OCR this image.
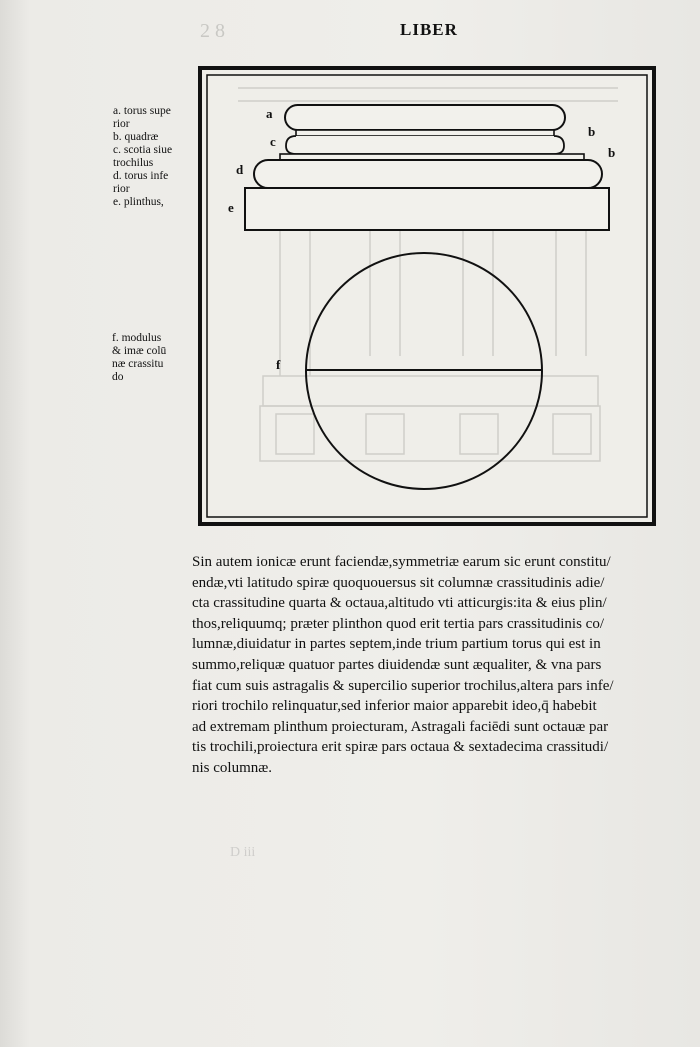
2 8	LIBER
a. torus supe
rior
b. quadræ
c. scotia siue
trochilus
d. torus infe
rior
e. plinthus,
f. modulus
& imæ colū
næ crassitu
do
a
b
b
c
d
e
f
Sin autem ionicæ erunt faciendæ,symmetriæ earum sic erunt constitu/
endæ,vti latitudo spiræ quoquouersus sit columnæ crassitudinis adie/
cta crassitudine quarta & octaua,altitudo vti atticurgis:ita & eius plin/
thos,reliquumq; præter plinthon quod erit tertia pars crassitudinis co/
lumnæ,diuidatur in partes septem,inde trium partium torus qui est in
summo,reliquæ quatuor partes diuidendæ sunt æqualiter, & vna pars
fiat cum suis astragalis & supercilio superior trochilus,altera pars infe/
riori trochilo relinquatur,sed inferior maior apparebit ideo,q̄ habebit
ad extremam plinthum proiecturam, Astragali faciēdi sunt octauæ par
tis trochili,proiectura erit spiræ pars octaua & sextadecima crassitudi/
nis columnæ.
D iii
